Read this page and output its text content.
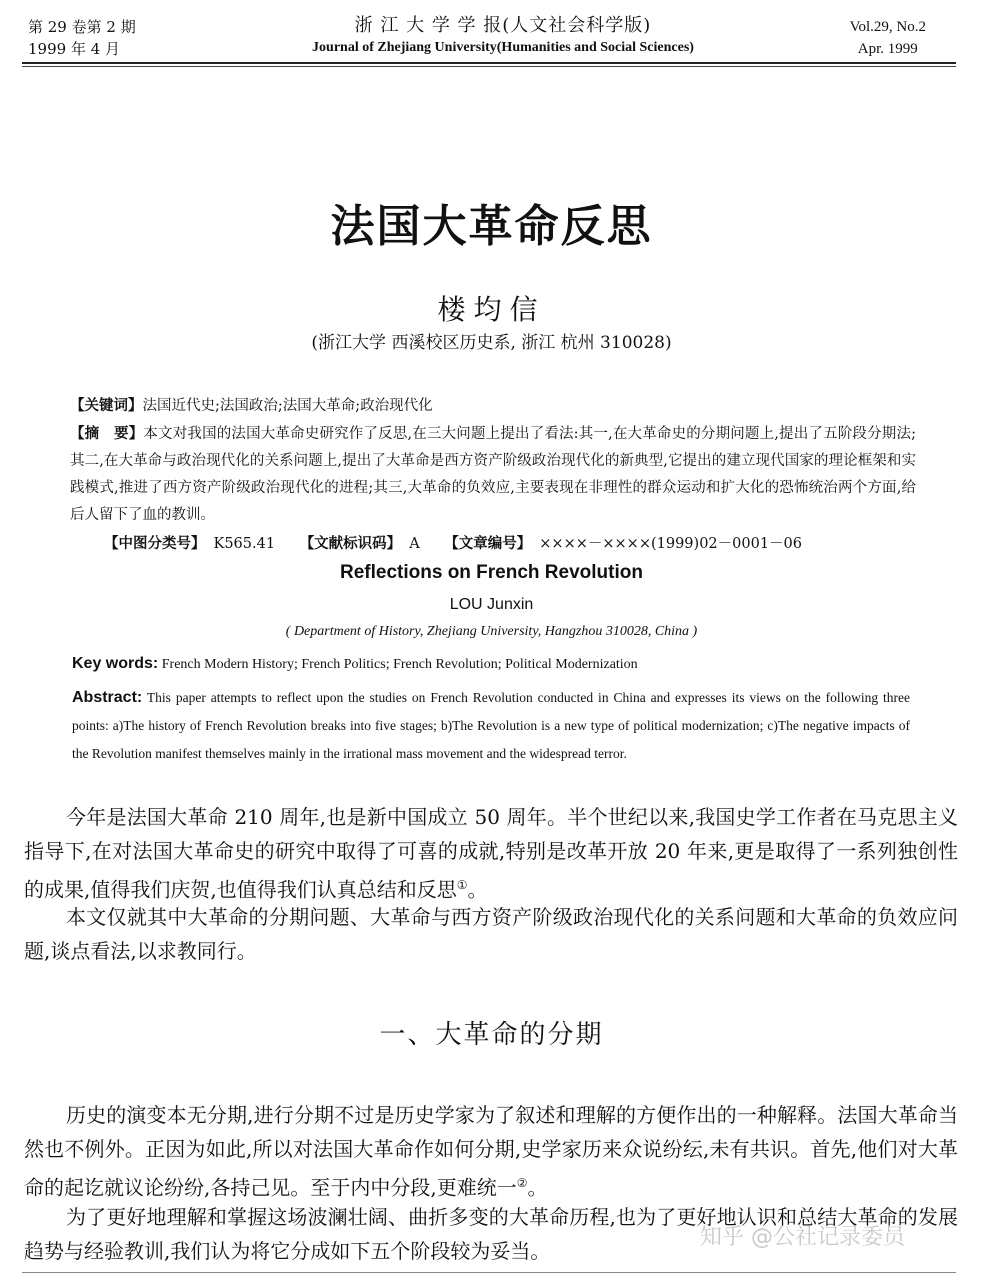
第 29 卷第 2 期
1999 年 4 月
浙 江 大 学 学 报(人文社会科学版)
Journal of Zhejiang University(Humanities and Social Sciences)
Vol.29, No.2
Apr. 1999
法国大革命反思
楼均信
(浙江大学 西溪校区历史系, 浙江 杭州 310028)
【关键词】法国近代史;法国政治;法国大革命;政治现代化
【摘　要】本文对我国的法国大革命史研究作了反思,在三大问题上提出了看法:其一,在大革命史的分期问题上,提出了五阶段分期法;其二,在大革命与政治现代化的关系问题上,提出了大革命是西方资产阶级政治现代化的新典型,它提出的建立现代国家的理论框架和实践模式,推进了西方资产阶级政治现代化的进程;其三,大革命的负效应,主要表现在非理性的群众运动和扩大化的恐怖统治两个方面,给后人留下了血的教训。
【中图分类号】 K565.41 【文献标识码】 A 【文章编号】 ××××－××××(1999)02－0001－06
Reflections on French Revolution
LOU Junxin
( Department of History, Zhejiang University, Hangzhou 310028, China )
Key words: French Modern History; French Politics; French Revolution; Political Modernization
Abstract: This paper attempts to reflect upon the studies on French Revolution conducted in China and expresses its views on the following three points: a)The history of French Revolution breaks into five stages; b)The Revolution is a new type of political modernization; c)The negative impacts of the Revolution manifest themselves mainly in the irrational mass movement and the widespread terror.
今年是法国大革命 210 周年,也是新中国成立 50 周年。半个世纪以来,我国史学工作者在马克思主义指导下,在对法国大革命史的研究中取得了可喜的成就,特别是改革开放 20 年来,更是取得了一系列独创性的成果,值得我们庆贺,也值得我们认真总结和反思①。
本文仅就其中大革命的分期问题、大革命与西方资产阶级政治现代化的关系问题和大革命的负效应问题,谈点看法,以求教同行。
一、大革命的分期
历史的演变本无分期,进行分期不过是历史学家为了叙述和理解的方便作出的一种解释。法国大革命当然也不例外。正因为如此,所以对法国大革命作如何分期,史学家历来众说纷纭,未有共识。首先,他们对大革命的起讫就议论纷纷,各持己见。至于内中分段,更难统一②。
为了更好地理解和掌握这场波澜壮阔、曲折多变的大革命历程,也为了更好地认识和总结大革命的发展趋势与经验教训,我们认为将它分成如下五个阶段较为妥当。
知乎 @公社记录委员
